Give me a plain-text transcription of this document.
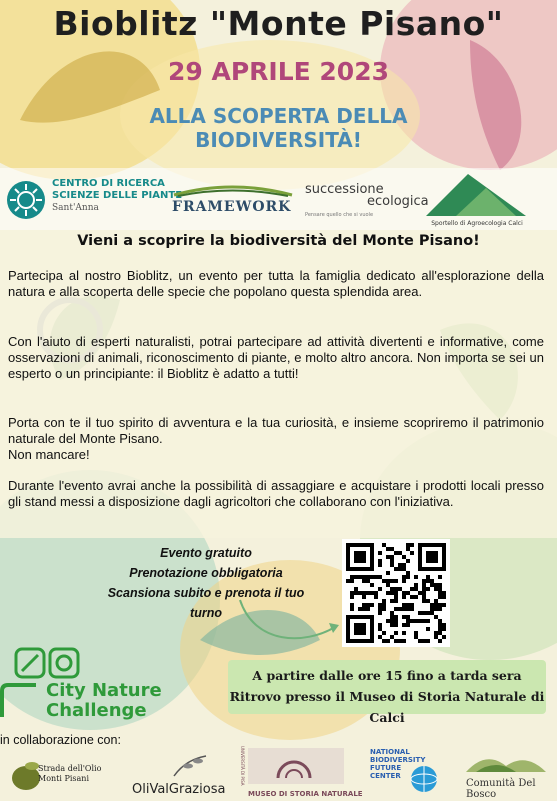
Bioblitz "Monte Pisano"
29 APRILE 2023
ALLA SCOPERTA DELLA
BIODIVERSITÀ!
CENTRO DI RICERCA
SCIENZE DELLE PIANTE
Sant'Anna	FRAMEWORK
successione
ecologica
Pensare quello che si vuole
Sportello di Agroecologia Calci
Vieni a scoprire la biodiversità del Monte Pisano!
Partecipa al nostro Bioblitz, un evento per tutta la famiglia dedicato all'esplorazione della natura e alla scoperta delle specie che popolano questa splendida area.
Con l'aiuto di esperti naturalisti, potrai partecipare ad attività divertenti e informative, come osservazioni di animali, riconoscimento di piante, e molto altro ancora. Non importa se sei un esperto o un principiante: il Bioblitz è adatto a tutti!
Porta con te il tuo spirito di avventura e la tua curiosità, e insieme scopriremo il patrimonio naturale del Monte Pisano.
Non mancare!
Durante l'evento avrai anche la possibilità di assaggiare e acquistare i prodotti locali presso gli stand messi a disposizione dagli agricoltori che collaborano con l'iniziativa.
Evento gratuito
Prenotazione obbligatoria
Scansiona subito e prenota il tuo turno
A partire dalle ore 15 fino a tarda sera
Ritrovo presso il Museo di Storia Naturale di Calci
City Nature
Challenge
in collaborazione con:
Strada dell'Olio
Monti Pisani
OliValGraziosa
UNIVERSITÀ DI PISA
MUSEO DI STORIA NATURALE
NATIONAL
BIODIVERSITY
FUTURE
CENTER
Comunità Del Bosco
